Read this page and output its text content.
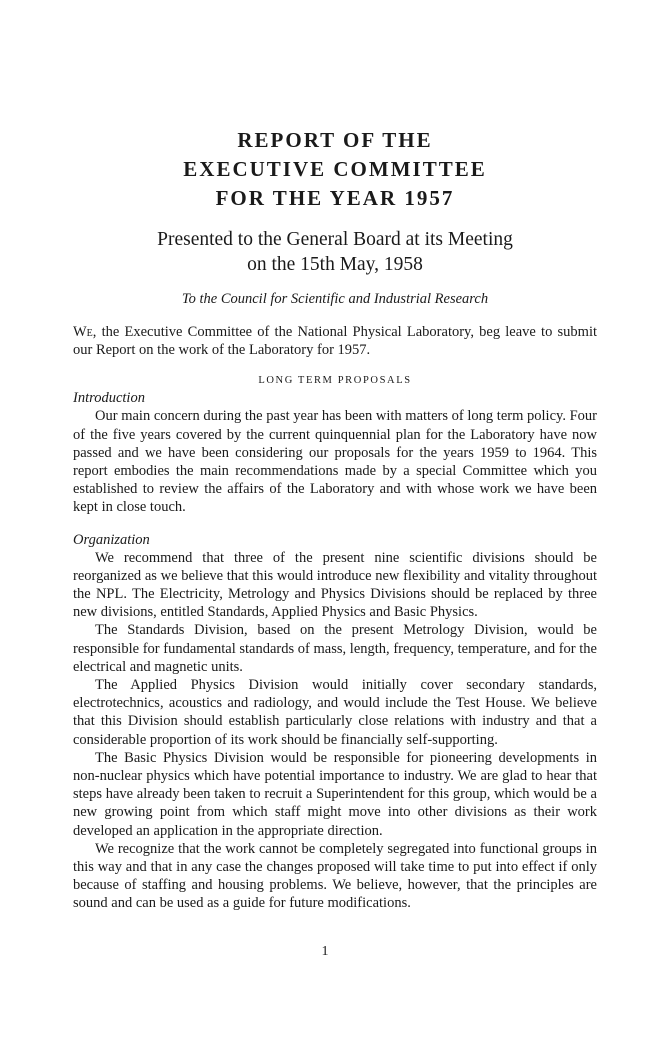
REPORT OF THE
EXECUTIVE COMMITTEE
FOR THE YEAR 1957
Presented to the General Board at its Meeting
on the 15th May, 1958
To the Council for Scientific and Industrial Research

We, the Executive Committee of the National Physical Laboratory, beg leave to submit our Report on the work of the Laboratory for 1957.

LONG TERM PROPOSALS
Introduction

Our main concern during the past year has been with matters of long term policy. Four of the five years covered by the current quinquennial plan for the Laboratory have now passed and we have been considering our proposals for the years 1959 to 1964. This report embodies the main recommendations made by a special Committee which you established to review the affairs of the Laboratory and with whose work we have been kept in close touch.

Organization

We recommend that three of the present nine scientific divisions should be reorganized as we believe that this would introduce new flexibility and vitality throughout the NPL. The Electricity, Metrology and Physics Divisions should be replaced by three new divisions, entitled Standards, Applied Physics and Basic Physics.

The Standards Division, based on the present Metrology Division, would be responsible for fundamental standards of mass, length, frequency, temperature, and for the electrical and magnetic units.

The Applied Physics Division would initially cover secondary standards, electrotechnics, acoustics and radiology, and would include the Test House. We believe that this Division should establish particularly close relations with industry and that a considerable proportion of its work should be financially self-supporting.

The Basic Physics Division would be responsible for pioneering developments in non-nuclear physics which have potential importance to industry. We are glad to hear that steps have already been taken to recruit a Superintendent for this group, which would be a new growing point from which staff might move into other divisions as their work developed an application in the appropriate direction.

We recognize that the work cannot be completely segregated into functional groups in this way and that in any case the changes proposed will take time to put into effect if only because of staffing and housing problems. We believe, however, that the principles are sound and can be used as a guide for future modifications.

1
